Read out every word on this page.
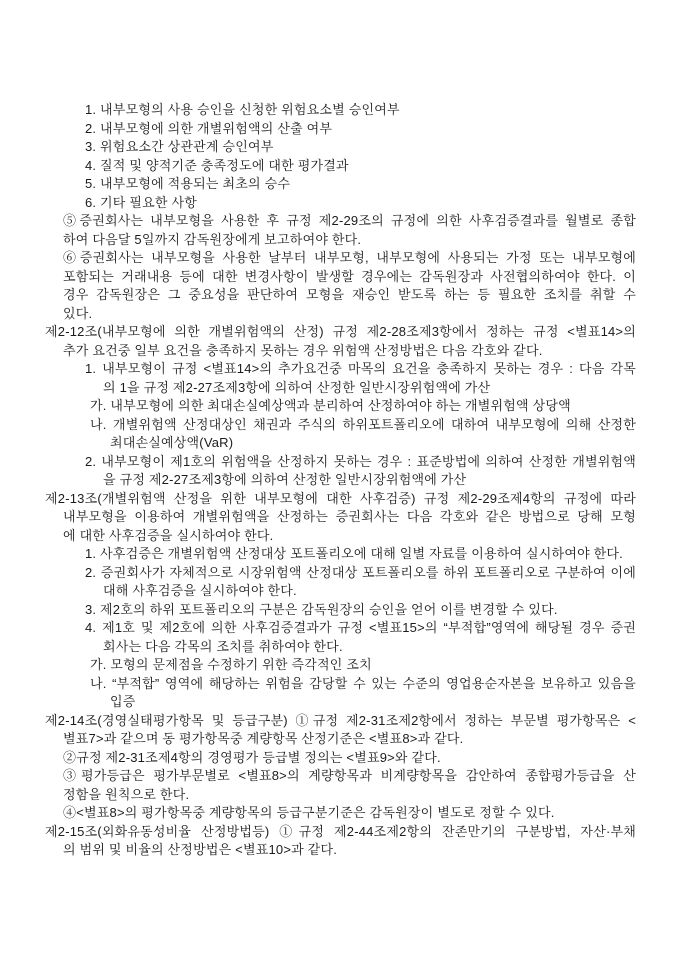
1. 내부모형의 사용 승인을 신청한 위험요소별 승인여부
2. 내부모형에 의한 개별위험액의 산출 여부
3. 위험요소간 상관관계 승인여부
4. 질적 및 양적기준 충족정도에 대한 평가결과
5. 내부모형에 적용되는 최초의 승수
6. 기타 필요한 사항
⑤증권회사는 내부모형을 사용한 후 규정 제2-29조의 규정에 의한 사후검증결과를 월별로 종합
하여 다음달 5일까지 감독원장에게 보고하여야 한다.
⑥증권회사는 내부모형을 사용한 날부터 내부모형, 내부모형에 사용되는 가정 또는 내부모형에
포함되는 거래내용 등에 대한 변경사항이 발생할 경우에는 감독원장과 사전협의하여야 한다. 이
경우 감독원장은 그 중요성을 판단하여 모형을 재승인 받도록 하는 등 필요한 조치를 취할 수
있다.
제2-12조(내부모형에 의한 개별위험액의 산정) 규정 제2-28조제3항에서 정하는 규정 <별표14>의
추가 요건중 일부 요건을 충족하지 못하는 경우 위험액 산정방법은 다음 각호와 같다.
1. 내부모형이 규정 <별표14>의 추가요건중 마목의 요건을 충족하지 못하는 경우 : 다음 각목
의 1을 규정 제2-27조제3항에 의하여 산정한 일반시장위험액에 가산
가. 내부모형에 의한 최대손실예상액과 분리하여 산정하여야 하는 개별위험액 상당액
나. 개별위험액 산정대상인 채권과 주식의 하위포트폴리오에 대하여 내부모형에 의해 산정한
최대손실예상액(VaR)
2. 내부모형이 제1호의 위험액을 산정하지 못하는 경우 : 표준방법에 의하여 산정한 개별위험액
을 규정 제2-27조제3항에 의하여 산정한 일반시장위험액에 가산
제2-13조(개별위험액 산정을 위한 내부모형에 대한 사후검증) 규정 제2-29조제4항의 규정에 따라
내부모형을 이용하여 개별위험액을 산정하는 증권회사는 다음 각호와 같은 방법으로 당해 모형
에 대한 사후검증을 실시하여야 한다.
1. 사후검증은 개별위험액 산정대상 포트폴리오에 대해 일별 자료를 이용하여 실시하여야 한다.
2. 증권회사가 자체적으로 시장위험액 산정대상 포트폴리오를 하위 포트폴리오로 구분하여 이에
대해 사후검증을 실시하여야 한다.
3. 제2호의 하위 포트폴리오의 구분은 감독원장의 승인을 얻어 이를 변경할 수 있다.
4. 제1호 및 제2호에 의한 사후검증결과가 규정 <별표15>의 “부적합”영역에 해당될 경우 증권
회사는 다음 각목의 조치를 취하여야 한다.
가. 모형의 문제점을 수정하기 위한 즉각적인 조치
나. “부적합” 영역에 해당하는 위험을 감당할 수 있는 수준의 영업용순자본을 보유하고 있음을
입증
제2-14조(경영실태평가항목 및 등급구분) ①규정 제2-31조제2항에서 정하는 부문별 평가항목은 <
별표7>과 같으며 동 평가항목중 계량항목 산정기준은 <별표8>과 같다.
②규정 제2-31조제4항의 경영평가 등급별 정의는 <별표9>와 같다.
③평가등급은 평가부문별로 <별표8>의 계량항목과 비계량항목을 감안하여 종합평가등급을 산
정함을 원칙으로 한다.
④<별표8>의 평가항목중 계량항목의 등급구분기준은 감독원장이 별도로 정할 수 있다.
제2-15조(외화유동성비율 산정방법등) ①규정 제2-44조제2항의 잔존만기의 구분방법, 자산·부채
의 범위 및 비율의 산정방법은 <별표10>과 같다.
